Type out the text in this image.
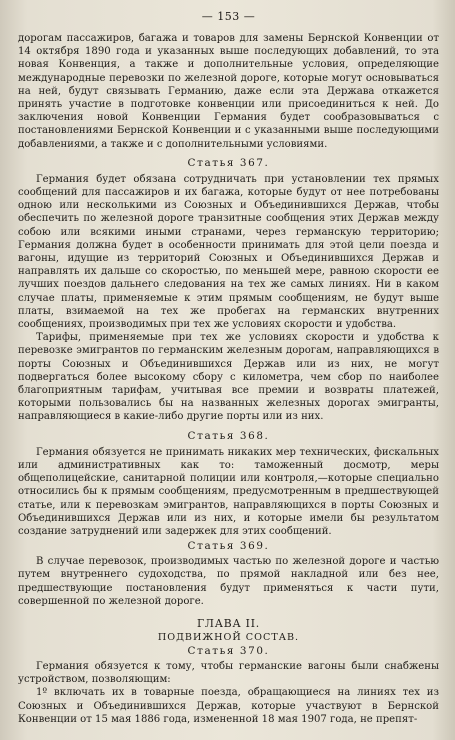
— 153 —

дорогам пассажиров, багажа и товаров для замены Бернской Конвенции от 14 октября 1890 года и указанных выше последующих добавлений, то эта новая Конвенция, а также и дополнительные условия, определяющие международные перевозки по железной дороге, которые могут основываться на ней, будут связывать Германию, даже если эта Держава откажется принять участие в подготовке конвенции или присоединиться к ней. До заключения новой Конвенции Германия будет сообразовываться с постановлениями Бернской Конвенции и с указанными выше последующими добавлениями, а также и с дополнительными условиями.

Статья 367.

Германия будет обязана сотрудничать при установлении тех прямых сообщений для пассажиров и их багажа, которые будут от нее потребованы одною или несколькими из Союзных и Объединившихся Держав, чтобы обеспечить по железной дороге транзитные сообщения этих Держав между собою или всякими иными странами, через германскую территорию; Германия должна будет в особенности принимать для этой цели поезда и вагоны, идущие из территорий Союзных и Объединившихся Держав и направлять их дальше со скоростью, по меньшей мере, равною скорости ее лучших поездов дальнего следования на тех же самых линиях. Ни в каком случае платы, применяемые к этим прямым сообщениям, не будут выше платы, взимаемой на тех же пробегах на германских внутренних сообщениях, производимых при тех же условиях скорости и удобства.

Тарифы, применяемые при тех же условиях скорости и удобства к перевозке эмигрантов по германским железным дорогам, направляющихся в порты Союзных и Объединившихся Держав или из них, не могут подвергаться более высокому сбору с километра, чем сбор по наиболее благоприятным тарифам, учитывая все премии и возвраты платежей, которыми пользовались бы на названных железных дорогах эмигранты, направляющиеся в какие-либо другие порты или из них.

Статья 368.

Германия обязуется не принимать никаких мер технических, фискальных или административных как то: таможенный досмотр, меры общеполицейские, санитарной полиции или контроля,—которые специально относились бы к прямым сообщениям, предусмотренным в предшествующей статье, или к перевозкам эмигрантов, направляющихся в порты Союзных и Объединившихся Держав или из них, и которые имели бы результатом создание затруднений или задержек для этих сообщений.

Статья 369.

В случае перевозок, производимых частью по железной дороге и частью путем внутреннего судоходства, по прямой накладной или без нее, предшествующие постановления будут применяться к части пути, совершенной по железной дороге.

ГЛАВА II.
ПОДВИЖНОЙ СОСТАВ.
Статья 370.

Германия обязуется к тому, чтобы германские вагоны были снабжены устройством, позволяющим:

1º включать их в товарные поезда, обращающиеся на линиях тех из Союзных и Объединившихся Держав, которые участвуют в Бернской Конвенции от 15 мая 1886 года, измененной 18 мая 1907 года, не препят-
